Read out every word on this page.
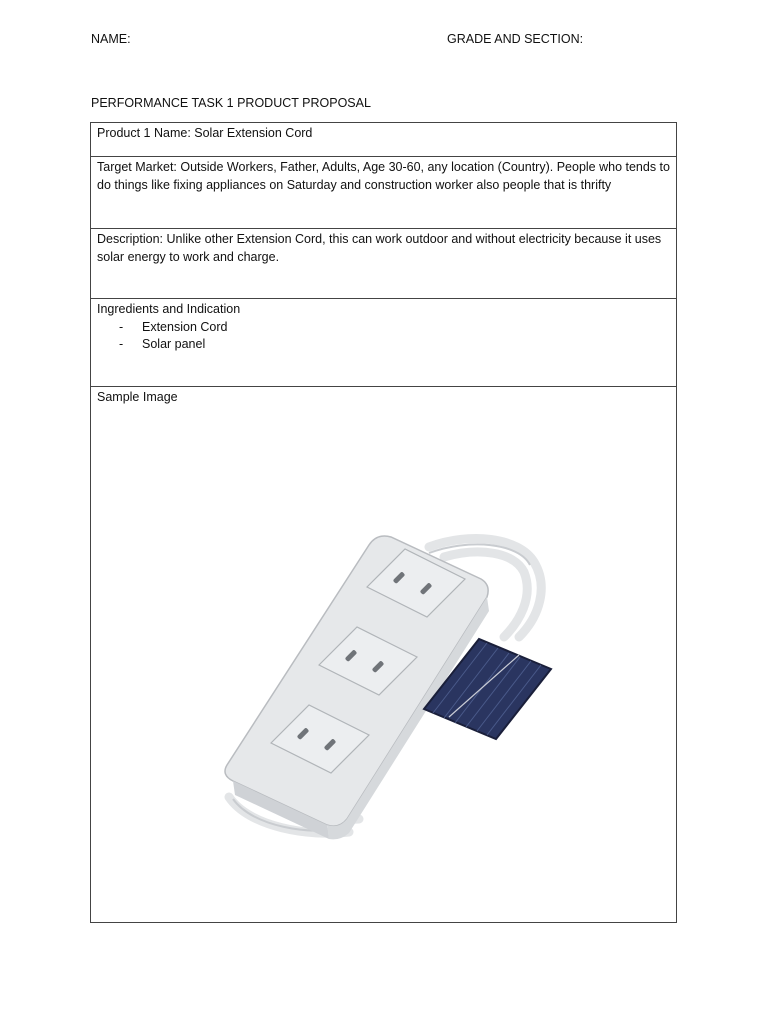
NAME:	GRADE AND SECTION:
PERFORMANCE TASK 1 PRODUCT PROPOSAL
Product 1 Name: Solar Extension Cord
Target Market: Outside Workers, Father, Adults, Age 30-60, any location (Country). People who tends to do things like fixing appliances on Saturday and construction worker also people that is thrifty
Description: Unlike other Extension Cord, this can work outdoor and without electricity because it uses solar energy to work and charge.
Ingredients and Indication
-	Extension Cord
-	Solar panel
Sample Image
